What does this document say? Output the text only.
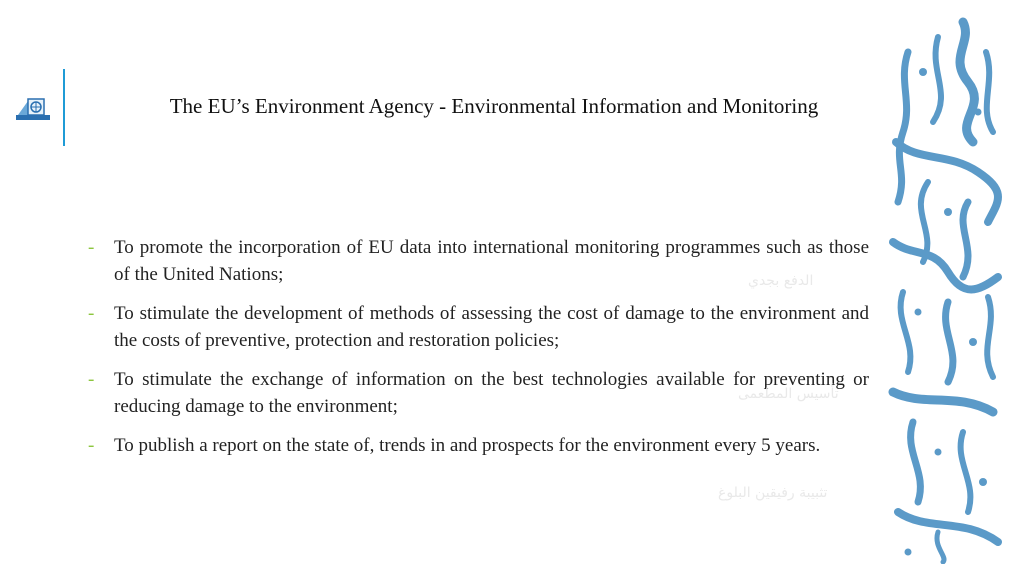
The EU’s Environment Agency - Environmental Information and Monitoring
-	To promote the incorporation of EU data into international monitoring programmes such as those of the United Nations;
-	To stimulate the development of methods of assessing the cost of damage to the environment and the costs of preventive, protection and restoration policies;
-	To stimulate the exchange of information on the best technologies available for preventing or reducing damage to the environment;
-	To publish a report on the state of, trends in and prospects for the environment every 5 years.
الدفع بجدي
تأسيس المطعمى
تثبيبة رفيقين البلوغ
